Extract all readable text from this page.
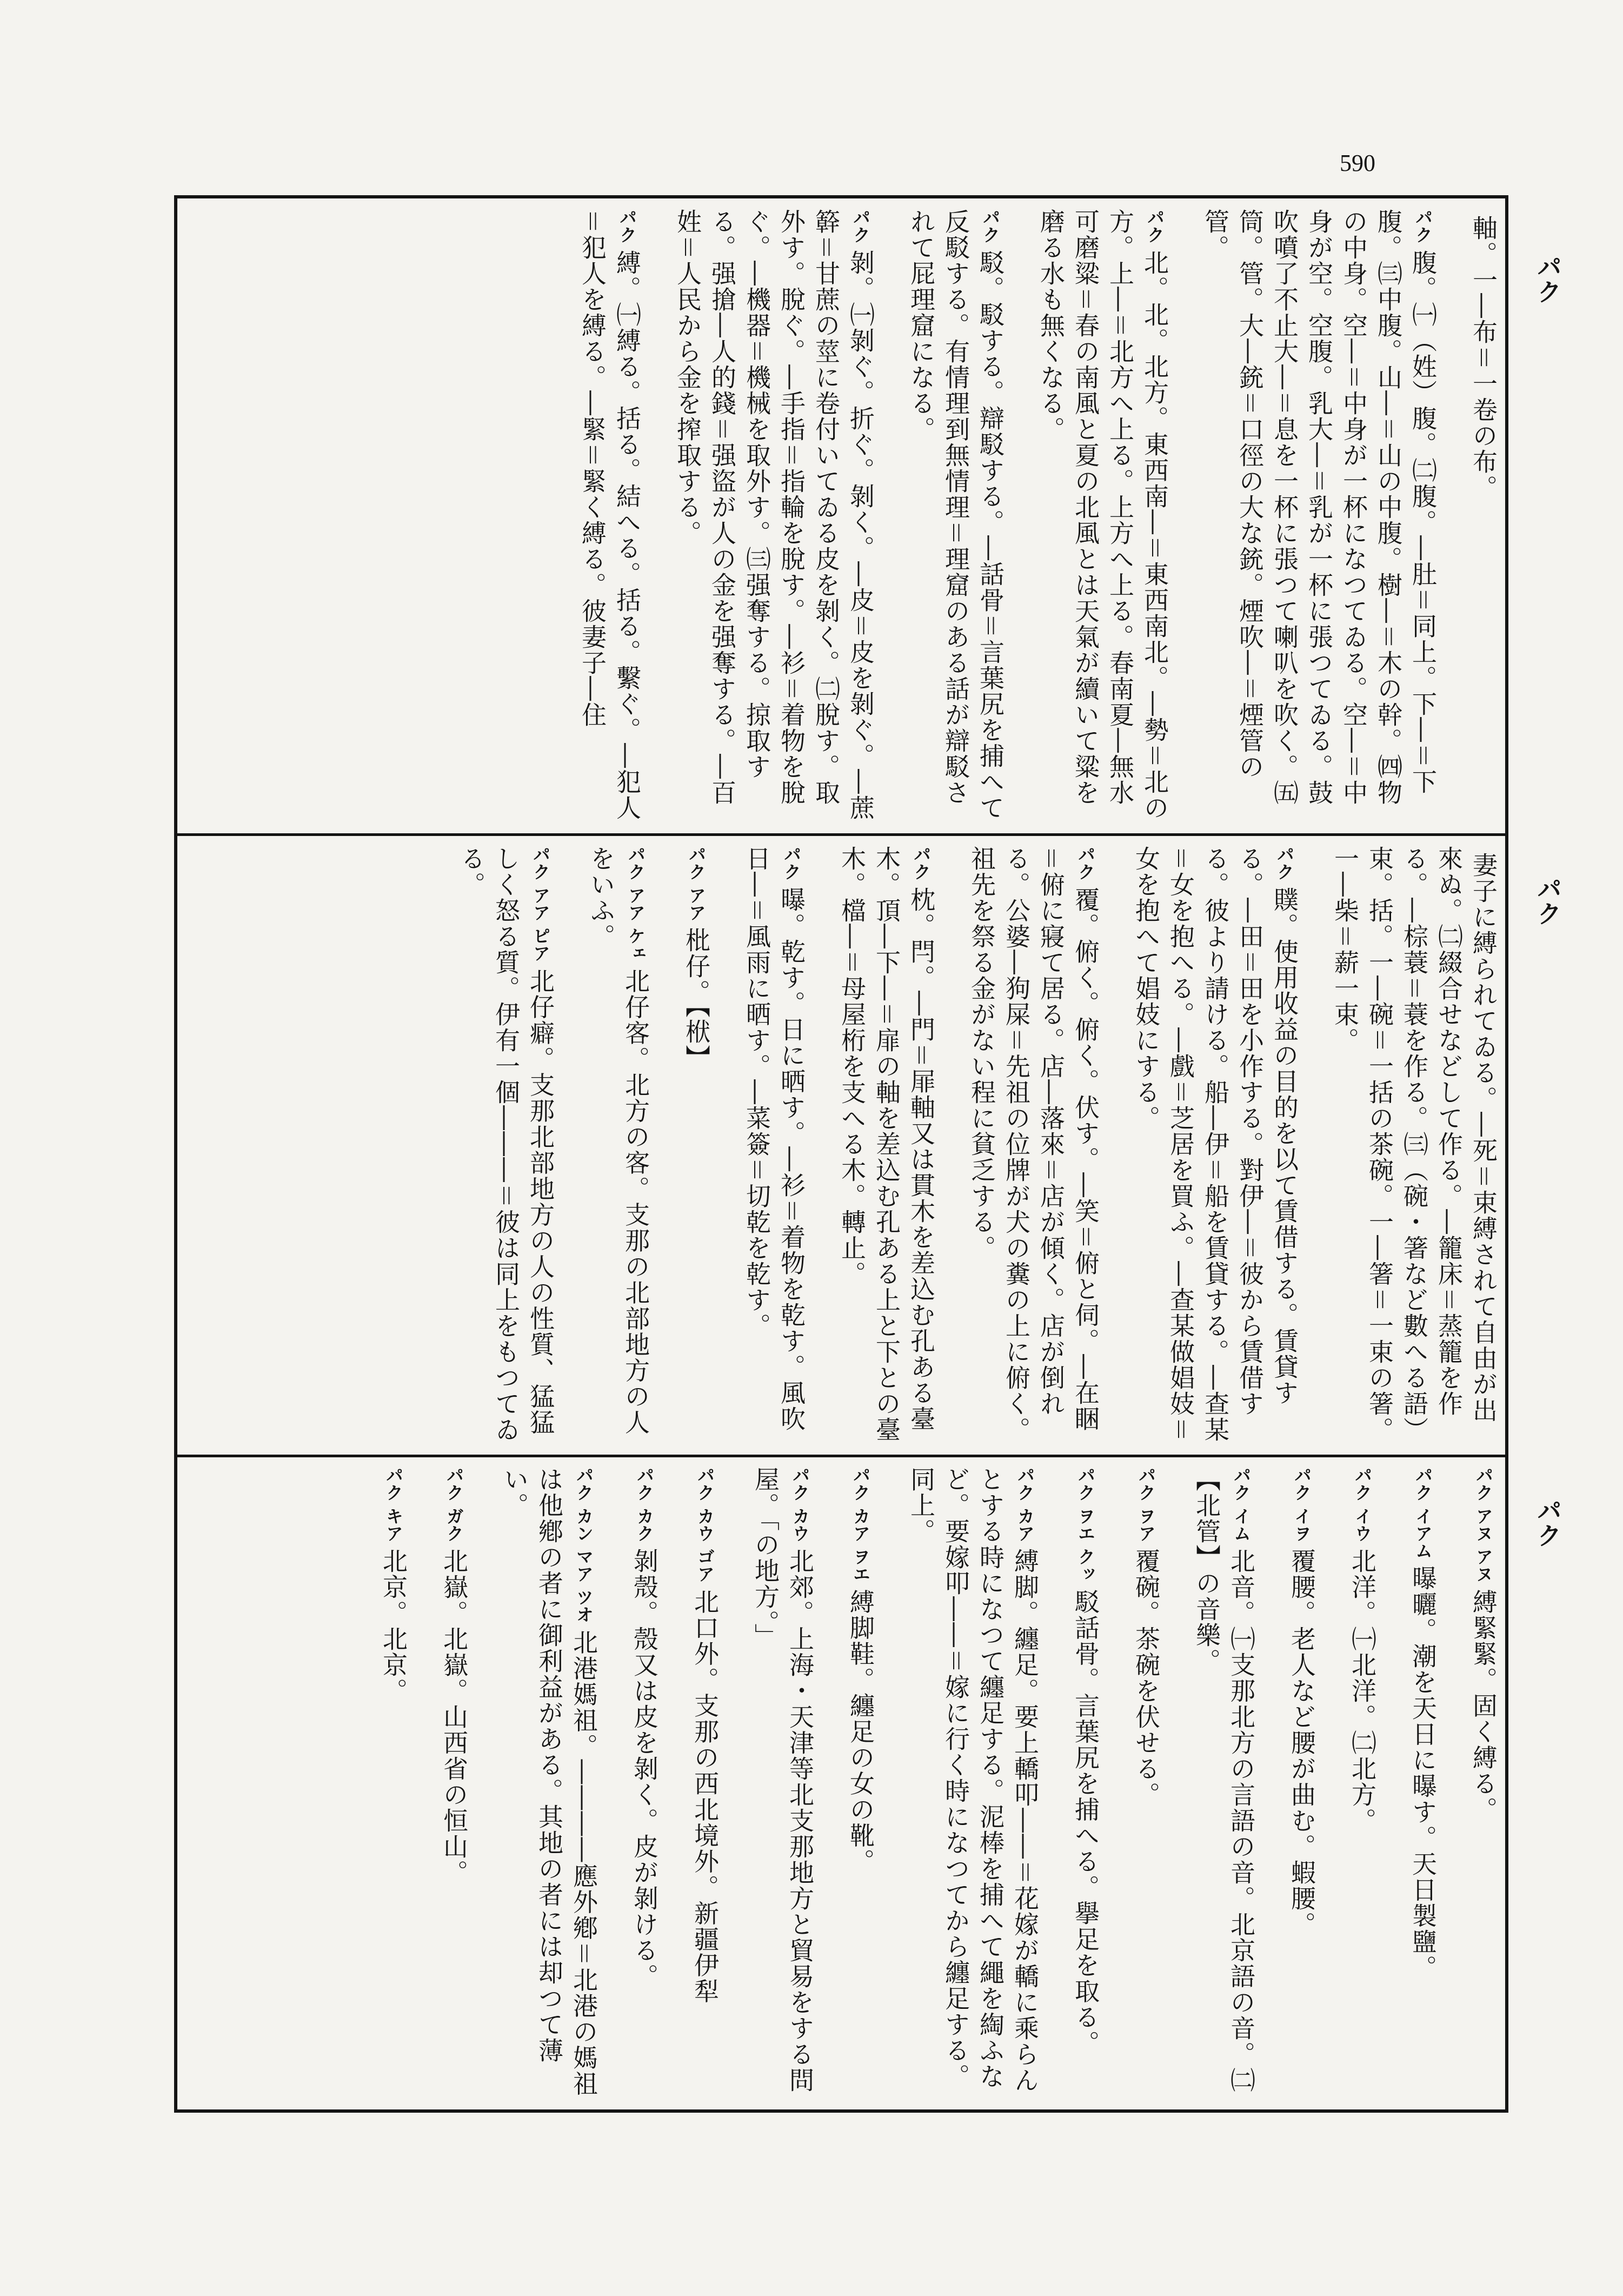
590
パク
パク
パク
軸。一―布＝一卷の布。
パク腹。㈠（姓）腹。㈡腹。―肚＝同上。下―＝下腹。㈢中腹。山―＝山の中腹。樹―＝木の幹。㈣物の中身。空―＝中身が一杯になつてゐる。空―＝中身が空。空腹。乳大―＝乳が一杯に張つてゐる。鼓吹噴了不止大―＝息を一杯に張つて喇叭を吹く。㈤筒。管。大―銃＝口徑の大な銃。煙吹―＝煙管の管。
パク北。北。北方。東西南―＝東西南北。―勢＝北の方。上―＝北方へ上る。上方へ上る。春南夏―無水可磨粱＝春の南風と夏の北風とは天氣が續いて粱を磨る水も無くなる。
パク駁。駁する。辯駁する。―話骨＝言葉尻を捕へて反駁する。有情理到無情理＝理窟のある話が辯駁されて屁理窟になる。
パク剝。㈠剝ぐ。折ぐ。剝く。―皮＝皮を剝ぐ。―蔗簳＝甘蔗の莖に卷付いてゐる皮を剝く。㈡脫す。取外す。脫ぐ。―手指＝指輪を脫す。―衫＝着物を脫ぐ。―機器＝機械を取外す。㈢强奪する。掠取する。强搶―人的錢＝强盜が人の金を强奪する。―百姓＝人民から金を搾取する。
パク縛。㈠縛る。括る。結へる。括る。繫ぐ。―犯人＝犯人を縛る。―緊＝緊く縛る。彼妻子―住
妻子に縛られてゐる。―死＝束縛されて自由が出來ぬ。㈡綴合せなどして作る。―籠床＝蒸籠を作る。―棕蓑＝蓑を作る。㈢（碗・箸など數へる語）束。括。一―碗＝一括の茶碗。一―箸＝一束の箸。一―柴＝薪一束。
パク贌。使用收益の目的を以て賃借する。賃貸する。―田＝田を小作する。對伊―＝彼から賃借する。彼より請ける。船―伊＝船を賃貸する。―查某＝女を抱へる。―戲＝芝居を買ふ。―查某做娼妓＝女を抱へて娼妓にする。
パク覆。俯く。俯く。伏す。―笑＝俯と伺。―在睏＝俯に寢て居る。店―落來＝店が傾く。店が倒れる。公婆―狗屎＝先祖の位牌が犬の糞の上に俯く。祖先を祭る金がない程に貧乏する。
パク枕。閂。―門＝屝軸又は貫木を差込む孔ある臺木。頂―下―＝扉の軸を差込む孔ある上と下との臺木。檔―＝母屋桁を支へる木。轉止。
パク曝。乾す。日に晒す。―衫＝着物を乾す。風吹日―＝風雨に晒す。―菜簽＝切乾を乾す。
パク アア枇仔。【栿】
パク アア ケェ北仔客。北方の客。支那の北部地方の人をいふ。
パク アア ピア北仔癖。支那北部地方の人の性質、猛猛しく怒る質。伊有一個―――＝彼は同上をもつてゐる。
パク アヌ アヌ縛緊緊。固く縛る。
パク イアム曝曬。潮を天日に曝す。天日製鹽。
パク イウ北洋。㈠北洋。㈡北方。
パク イヲ覆腰。老人など腰が曲む。蝦腰。
パク イム北音。㈠支那北方の言語の音。北京語の音。㈡【北管】の音樂。
パク ヲア覆碗。茶碗を伏せる。
パク ヲエ クッ駁話骨。言葉尻を捕へる。擧足を取る。
パク カア縛脚。纏足。要上轎叩――＝花嫁が轎に乘らんとする時になつて纏足する。泥棒を捕へて繩を綯ふなど。要嫁叩――＝嫁に行く時になつてから纏足する。同上。
パク カア ヲエ縛脚鞋。纏足の女の靴。
パク カウ北郊。上海・天津等北支那地方と貿易をする問屋。「の地方。」
パク カウ ゴア北口外。支那の西北境外。新疆伊犁
パク カク剝殼。殼又は皮を剝く。皮が剝ける。
パク カン マア ツオ北港媽祖。――――應外鄕＝北港の媽祖は他鄕の者に御利益がある。其地の者には却つて薄い。
パク ガク北嶽。北嶽。山西省の恒山。
パク キア北京。北京。
